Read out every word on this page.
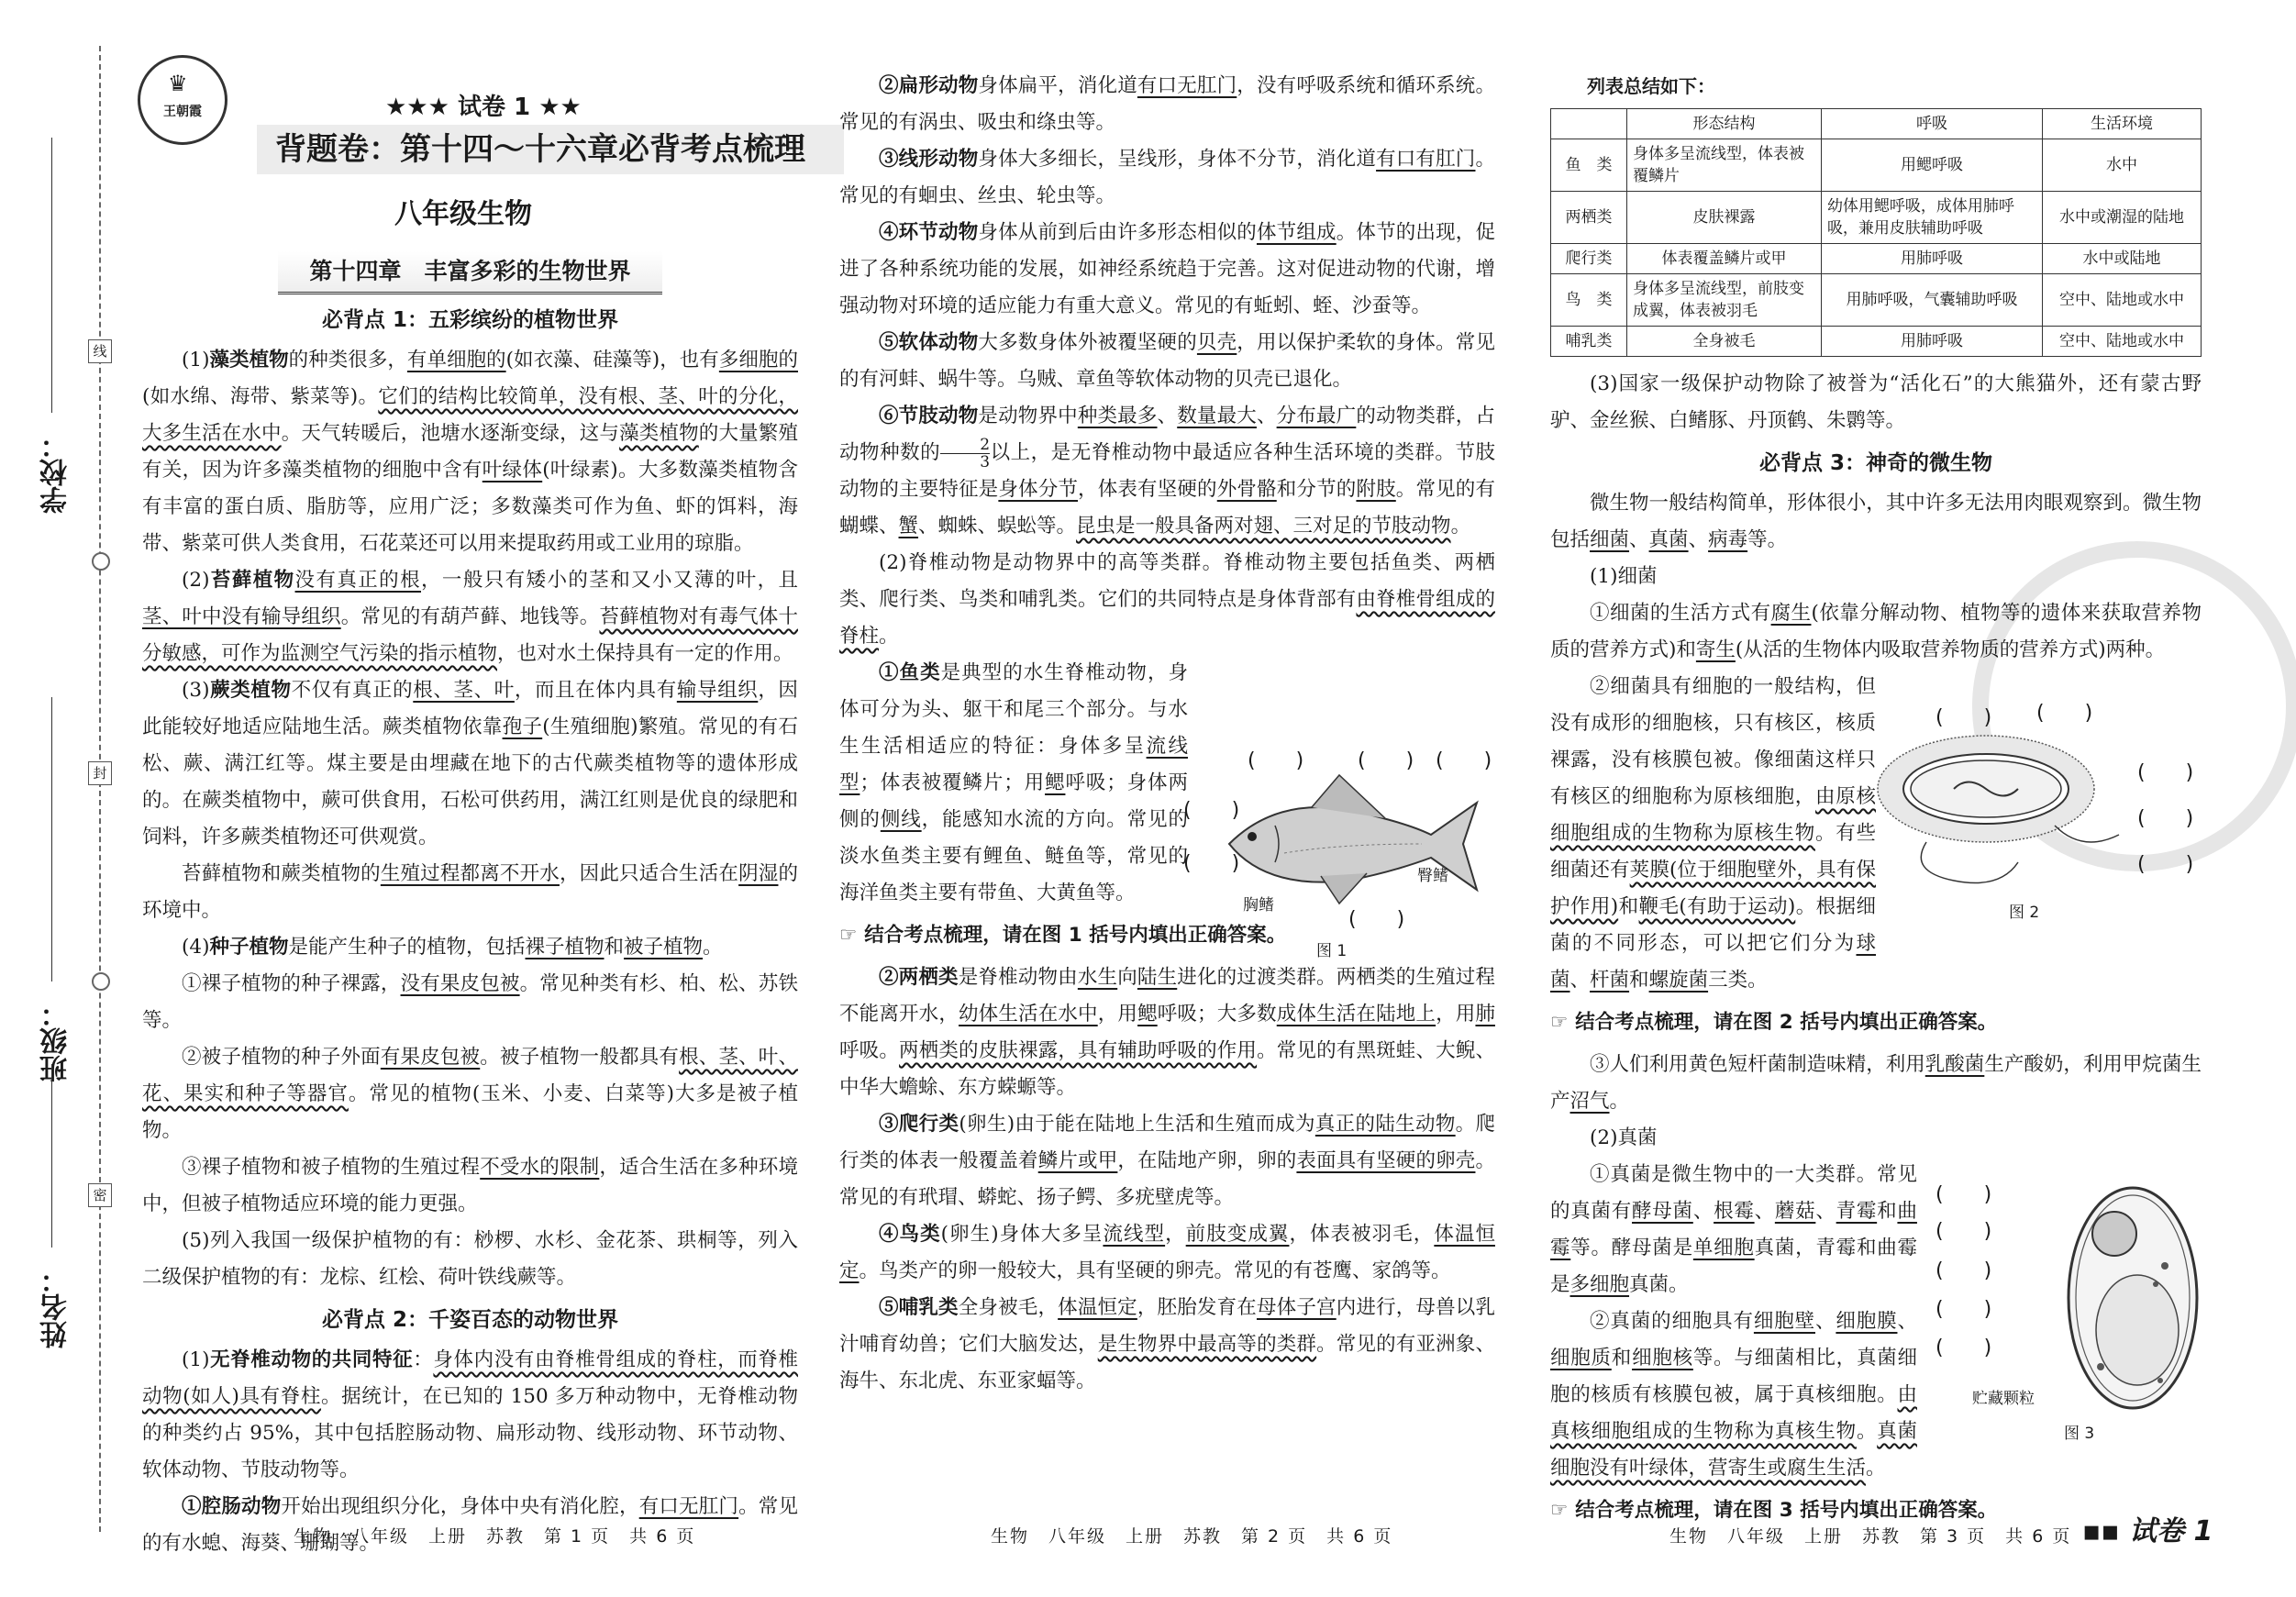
线
封
密
学校：
班级：
姓名：
♛
王朝霞	★★★ 试卷 1 ★★
背题卷：第十四～十六章必背考点梳理
八年级生物
第十四章　丰富多彩的生物世界
必背点 1：五彩缤纷的植物世界

(1)藻类植物的种类很多，有单细胞的(如衣藻、硅藻等)，也有多细胞的(如水绵、海带、紫菜等)。它们的结构比较简单，没有根、茎、叶的分化，大多生活在水中。天气转暖后，池塘水逐渐变绿，这与藻类植物的大量繁殖有关，因为许多藻类植物的细胞中含有叶绿体(叶绿素)。大多数藻类植物含有丰富的蛋白质、脂肪等，应用广泛；多数藻类可作为鱼、虾的饵料，海带、紫菜可供人类食用，石花菜还可以用来提取药用或工业用的琼脂。

(2)苔藓植物没有真正的根，一般只有矮小的茎和又小又薄的叶，且茎、叶中没有输导组织。常见的有葫芦藓、地钱等。苔藓植物对有毒气体十分敏感，可作为监测空气污染的指示植物，也对水土保持具有一定的作用。

(3)蕨类植物不仅有真正的根、茎、叶，而且在体内具有输导组织，因此能较好地适应陆地生活。蕨类植物依靠孢子(生殖细胞)繁殖。常见的有石松、蕨、满江红等。煤主要是由埋藏在地下的古代蕨类植物等的遗体形成的。在蕨类植物中，蕨可供食用，石松可供药用，满江红则是优良的绿肥和饲料，许多蕨类植物还可供观赏。

苔藓植物和蕨类植物的生殖过程都离不开水，因此只适合生活在阴湿的环境中。

(4)种子植物是能产生种子的植物，包括裸子植物和被子植物。

①裸子植物的种子裸露，没有果皮包被。常见种类有杉、柏、松、苏铁等。

②被子植物的种子外面有果皮包被。被子植物一般都具有根、茎、叶、花、果实和种子等器官。常见的植物(玉米、小麦、白菜等)大多是被子植物。

③裸子植物和被子植物的生殖过程不受水的限制，适合生活在多种环境中，但被子植物适应环境的能力更强。

(5)列入我国一级保护植物的有：桫椤、水杉、金花茶、珙桐等，列入二级保护植物的有：龙棕、红桧、荷叶铁线蕨等。

必背点 2：千姿百态的动物世界

(1)无脊椎动物的共同特征：身体内没有由脊椎骨组成的脊柱，而脊椎动物(如人)具有脊柱。据统计，在已知的 150 多万种动物中，无脊椎动物的种类约占 95%，其中包括腔肠动物、扁形动物、线形动物、环节动物、软体动物、节肢动物等。

①腔肠动物开始出现组织分化，身体中央有消化腔，有口无肛门。常见的有水螅、海葵、珊瑚等。

②扁形动物身体扁平，消化道有口无肛门，没有呼吸系统和循环系统。常见的有涡虫、吸虫和绦虫等。

③线形动物身体大多细长，呈线形，身体不分节，消化道有口有肛门。常见的有蛔虫、丝虫、轮虫等。

④环节动物身体从前到后由许多形态相似的体节组成。体节的出现，促进了各种系统功能的发展，如神经系统趋于完善。这对促进动物的代谢，增强动物对环境的适应能力有重大意义。常见的有蚯蚓、蛭、沙蚕等。

⑤软体动物大多数身体外被覆坚硬的贝壳，用以保护柔软的身体。常见的有河蚌、蜗牛等。乌贼、章鱼等软体动物的贝壳已退化。

⑥节肢动物是动物界中种类最多、数量最大、分布最广的动物类群，占动物种数的 $\frac{2}{3}$ 以上，是无脊椎动物中最适应各种生活环境的类群。节肢动物的主要特征是身体分节，体表有坚硬的外骨骼和分节的附肢。常见的有蝴蝶、蟹、蜘蛛、蜈蚣等。昆虫是一般具备两对翅、三对足的节肢动物。

(2)脊椎动物是动物界中的高等类群。脊椎动物主要包括鱼类、两栖类、爬行类、鸟类和哺乳类。它们的共同特点是身体背部有由脊椎骨组成的脊柱。

①鱼类是典型的水生脊椎动物，身体可分为头、躯干和尾三个部分。与水生生活相适应的特征：身体多呈流线型；体表被覆鳞片；用鳃呼吸；身体两侧的侧线，能感知水流的方向。常见的淡水鱼类主要有鲤鱼、鲢鱼等，常见的海洋鱼类主要有带鱼、大黄鱼等。

☞ 结合考点梳理，请在图 1 括号内填出正确答案。

②两栖类是脊椎动物由水生向陆生进化的过渡类群。两栖类的生殖过程不能离开水，幼体生活在水中，用鳃呼吸；大多数成体生活在陆地上，用肺呼吸。两栖类的皮肤裸露，具有辅助呼吸的作用。常见的有黑斑蛙、大鲵、中华大蟾蜍、东方蝾螈等。

③爬行类(卵生)由于能在陆地上生活和生殖而成为真正的陆生动物。爬行类的体表一般覆盖着鳞片或甲，在陆地产卵，卵的表面具有坚硬的卵壳。常见的有玳瑁、蟒蛇、扬子鳄、多疣壁虎等。

④鸟类(卵生)身体大多呈流线型，前肢变成翼，体表被羽毛，体温恒定。鸟类产的卵一般较大，具有坚硬的卵壳。常见的有苍鹰、家鸽等。

⑤哺乳类全身被毛，体温恒定，胚胎发育在母体子宫内进行，母兽以乳汁哺育幼兽；它们大脑发达，是生物界中最高等的类群。常见的有亚洲象、海牛、东北虎、东亚家蝠等。

(　　)	(　　) (　　)
(　　)
(　　)
(　　)
胸鳍
臀鳍
图 1
列表总结如下：
	形态结构	呼吸	生活环境
鱼　类	身体多呈流线型，体表被覆鳞片	用鳃呼吸	水中
两栖类	皮肤裸露	幼体用鳃呼吸，成体用肺呼吸，兼用皮肤辅助呼吸	水中或潮湿的陆地
爬行类	体表覆盖鳞片或甲	用肺呼吸	水中或陆地
鸟　类	身体多呈流线型，前肢变成翼，体表被羽毛	用肺呼吸，气囊辅助呼吸	空中、陆地或水中
哺乳类	全身被毛	用肺呼吸	空中、陆地或水中

(3)国家一级保护动物除了被誉为“活化石”的大熊猫外，还有蒙古野驴、金丝猴、白鳍豚、丹顶鹤、朱鹮等。

必背点 3：神奇的微生物

微生物一般结构简单，形体很小，其中许多无法用肉眼观察到。微生物包括细菌、真菌、病毒等。

(1)细菌

①细菌的生活方式有腐生(依靠分解动物、植物等的遗体来获取营养物质的营养方式)和寄生(从活的生物体内吸取营养物质的营养方式)两种。

②细菌具有细胞的一般结构，但没有成形的细胞核，只有核区，核质裸露，没有核膜包被。像细菌这样只有核区的细胞称为原核细胞，由原核细胞组成的生物称为原核生物。有些细菌还有荚膜(位于细胞壁外，具有保护作用)和鞭毛(有助于运动)。根据细菌的不同形态，可以把它们分为球菌、杆菌和螺旋菌三类。

☞ 结合考点梳理，请在图 2 括号内填出正确答案。

③人们利用黄色短杆菌制造味精，利用乳酸菌生产酸奶，利用甲烷菌生产沼气。

(2)真菌

①真菌是微生物中的一大类群。常见的真菌有酵母菌、根霉、蘑菇、青霉和曲霉等。酵母菌是单细胞真菌，青霉和曲霉是多细胞真菌。

②真菌的细胞具有细胞壁、细胞膜、细胞质和细胞核等。与细菌相比，真菌细胞的核质有核膜包被，属于真核细胞。由真核细胞组成的生物称为真核生物。真菌细胞没有叶绿体，营寄生或腐生生活。

☞ 结合考点梳理，请在图 3 括号内填出正确答案。
(　　) (　　)
(　　)
(　　)
(　　)
图 2
(　　)
(　　)
(　　)
(　　)
(　　)
贮藏颗粒
图 3
生物　八年级　上册　苏教　第 1 页　共 6 页	生物　八年级　上册　苏教　第 2 页　共 6 页	生物　八年级　上册　苏教　第 3 页　共 6 页 ▪▪ 试卷 1
